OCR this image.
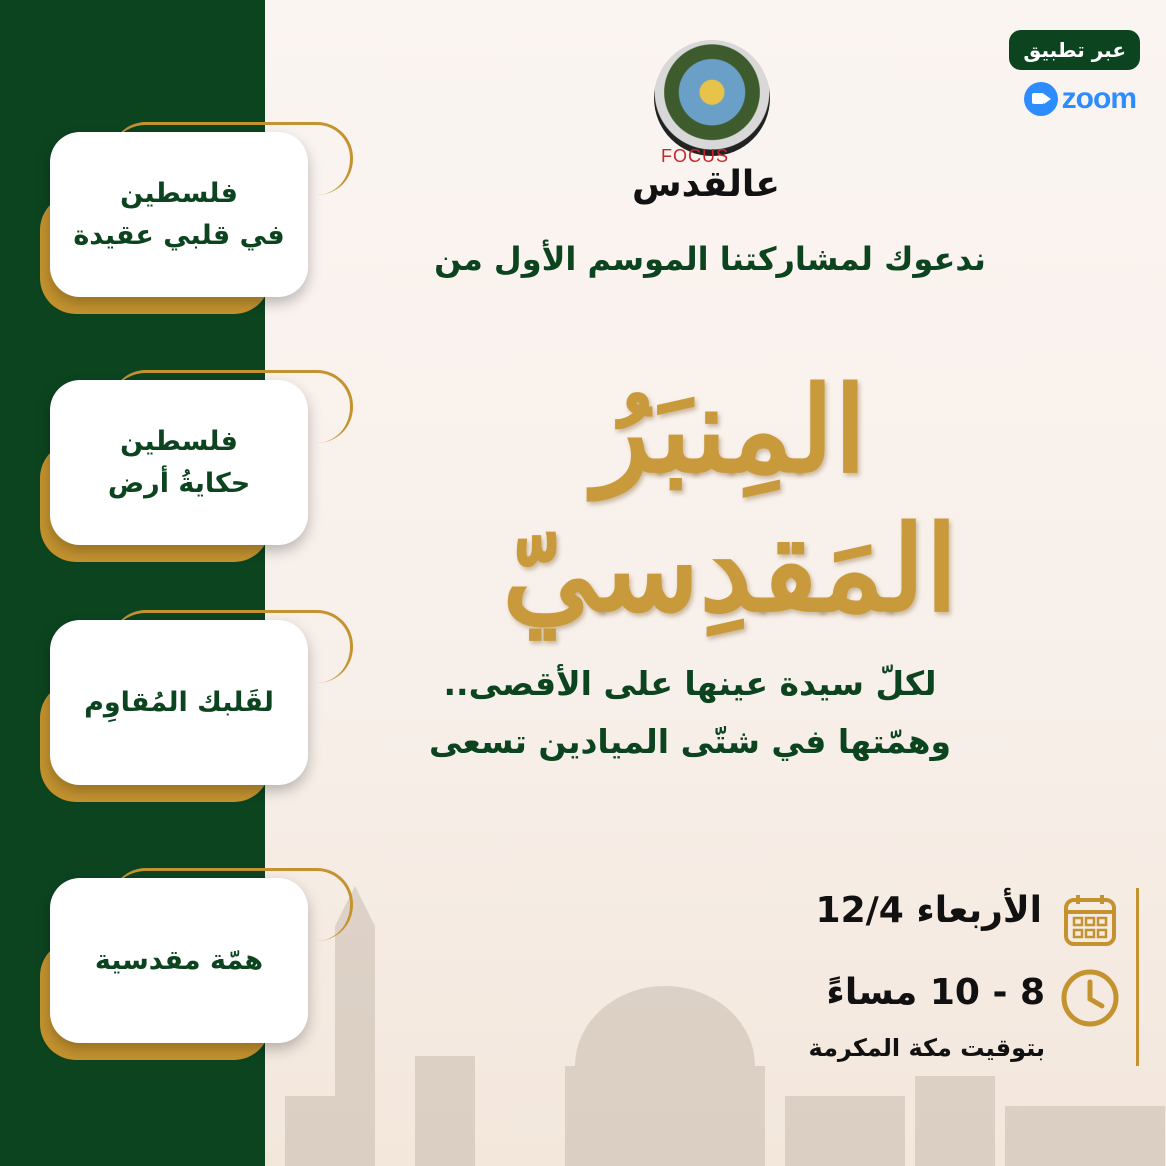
فلسطين
في قلبي عقيدة
فلسطين
حكايةُ أرض
لقَلبك المُقاوِم
همّة مقدسية
عبر تطبيق
zoom
FOCUS
عالقدس
ندعوك لمشاركتنا الموسم الأول من
المِنبَرُ المَقدِسيّ
لكلّ سيدة عينها على الأقصى..
وهمّتها في شتّى الميادين تسعى
الأربعاء 12/4
8 - 10 مساءً
بتوقيت مكة المكرمة
